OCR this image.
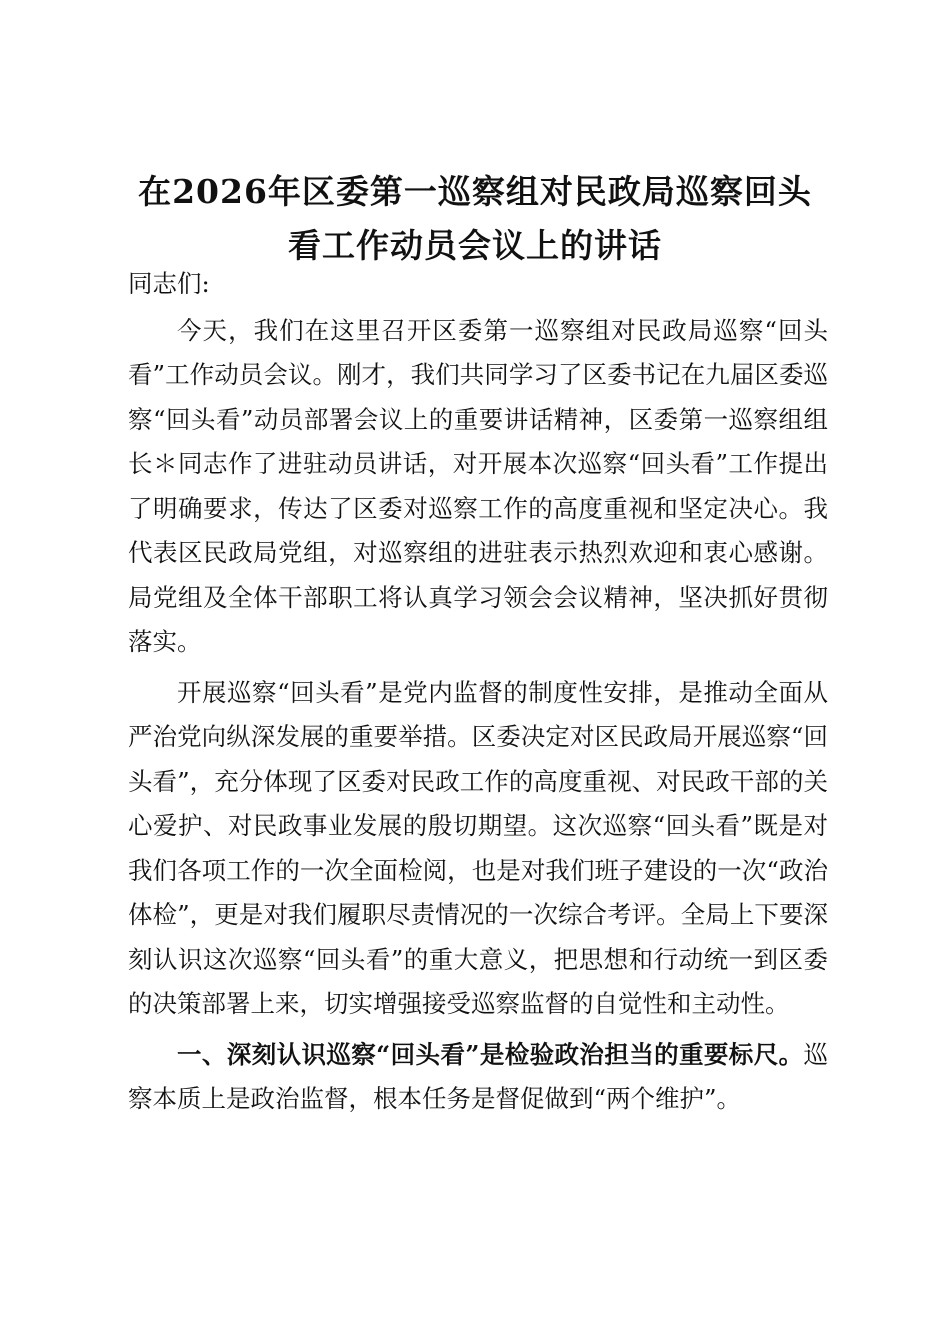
在2026年区委第一巡察组对民政局巡察回头
看工作动员会议上的讲话

同志们:

今天，我们在这里召开区委第一巡察组对民政局巡察“回头看”工作动员会议。刚才，我们共同学习了区委书记在九届区委巡察“回头看”动员部署会议上的重要讲话精神，区委第一巡察组组长＊同志作了进驻动员讲话，对开展本次巡察“回头看”工作提出了明确要求，传达了区委对巡察工作的高度重视和坚定决心。我代表区民政局党组，对巡察组的进驻表示热烈欢迎和衷心感谢。局党组及全体干部职工将认真学习领会会议精神，坚决抓好贯彻落实。

开展巡察“回头看”是党内监督的制度性安排，是推动全面从严治党向纵深发展的重要举措。区委决定对区民政局开展巡察“回头看”，充分体现了区委对民政工作的高度重视、对民政干部的关心爱护、对民政事业发展的殷切期望。这次巡察“回头看”既是对我们各项工作的一次全面检阅，也是对我们班子建设的一次“政治体检”，更是对我们履职尽责情况的一次综合考评。全局上下要深刻认识这次巡察“回头看”的重大意义，把思想和行动统一到区委的决策部署上来，切实增强接受巡察监督的自觉性和主动性。

一、深刻认识巡察“回头看”是检验政治担当的重要标尺。巡察本质上是政治监督，根本任务是督促做到“两个维护”。
